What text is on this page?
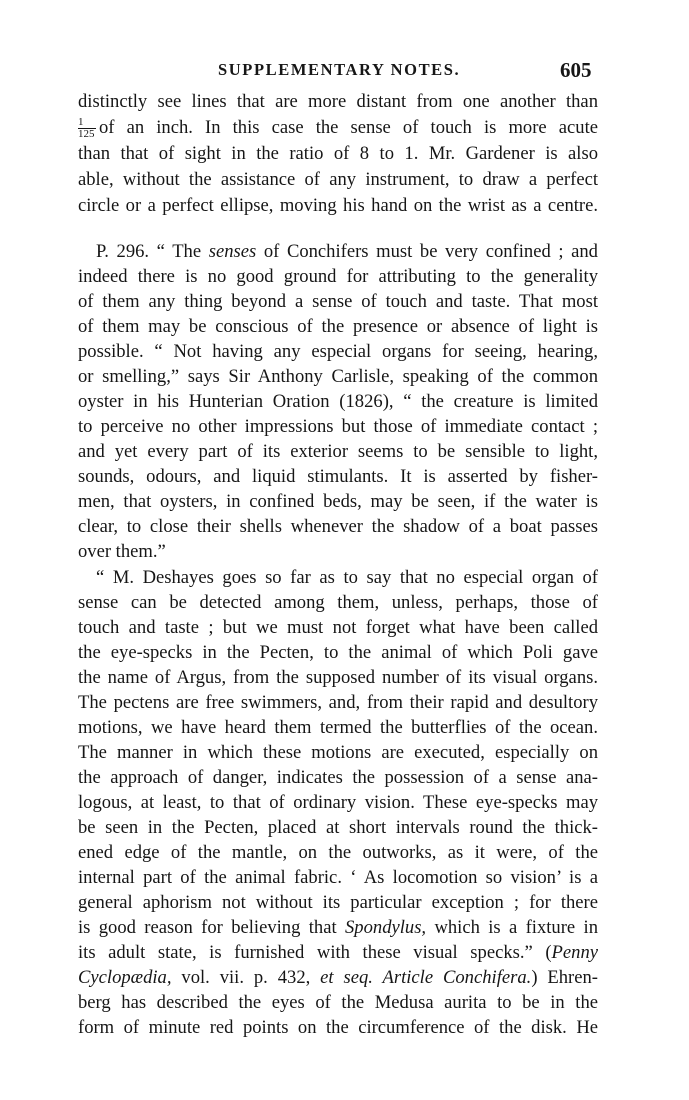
SUPPLEMENTARY NOTES.	605
distinctly see lines that are more distant from one another than
$\frac{1}{125}$ of an inch. In this case the sense of touch is more acute
than that of sight in the ratio of 8 to 1. Mr. Gardener is also
able, without the assistance of any instrument, to draw a perfect
circle or a perfect ellipse, moving his hand on the wrist as a centre.
P. 296. “ The senses of Conchifers must be very confined ; and
indeed there is no good ground for attributing to the generality
of them any thing beyond a sense of touch and taste. That most
of them may be conscious of the presence or absence of light is
possible. “ Not having any especial organs for seeing, hearing,
or smelling,” says Sir Anthony Carlisle, speaking of the common
oyster in his Hunterian Oration (1826), “ the creature is limited
to perceive no other impressions but those of immediate contact ;
and yet every part of its exterior seems to be sensible to light,
sounds, odours, and liquid stimulants. It is asserted by fisher-
men, that oysters, in confined beds, may be seen, if the water is
clear, to close their shells whenever the shadow of a boat passes
over them.”
“ M. Deshayes goes so far as to say that no especial organ of
sense can be detected among them, unless, perhaps, those of
touch and taste ; but we must not forget what have been called
the eye-specks in the Pecten, to the animal of which Poli gave
the name of Argus, from the supposed number of its visual organs.
The pectens are free swimmers, and, from their rapid and desultory
motions, we have heard them termed the butterflies of the ocean.
The manner in which these motions are executed, especially on
the approach of danger, indicates the possession of a sense ana-
logous, at least, to that of ordinary vision. These eye-specks may
be seen in the Pecten, placed at short intervals round the thick-
ened edge of the mantle, on the outworks, as it were, of the
internal part of the animal fabric. ‘ As locomotion so vision’ is a
general aphorism not without its particular exception ; for there
is good reason for believing that Spondylus, which is a fixture in
its adult state, is furnished with these visual specks.” (Penny
Cyclopædia, vol. vii. p. 432, et seq. Article Conchifera.) Ehren-
berg has described the eyes of the Medusa aurita to be in the
form of minute red points on the circumference of the disk. He
